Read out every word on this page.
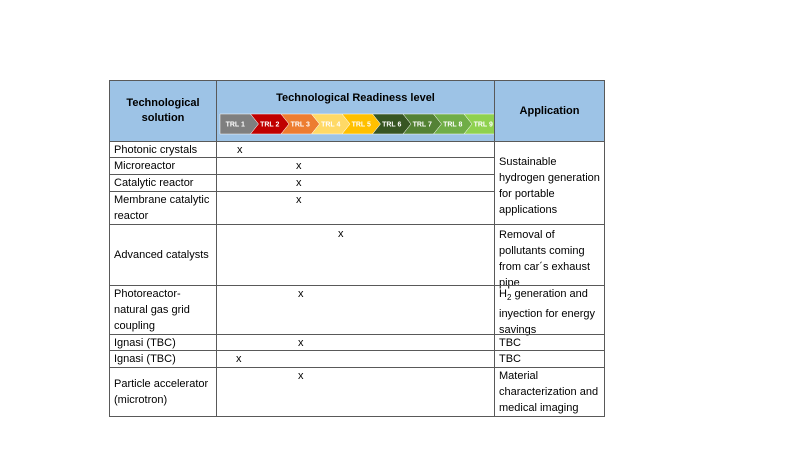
Technological solution
Technological Readiness level
TRL 1 TRL 2 TRL 3 TRL 4 TRL 5 TRL 6 TRL 7 TRL 8 TRL 9
Application
Photonic crystals
Microreactor
Catalytic reactor
Membrane catalytic reactor
Advanced catalysts
Photoreactor-natural gas grid coupling
Ignasi (TBC)
Ignasi (TBC)
Particle accelerator (microtron)
x
x
x
x
x
x
x
x
x
Sustainable hydrogen generation for portable applications
Removal of pollutants coming from car´s exhaust pipe
$H_2$ generation and inyection for energy savings
TBC
TBC
Material characterization and medical imaging
